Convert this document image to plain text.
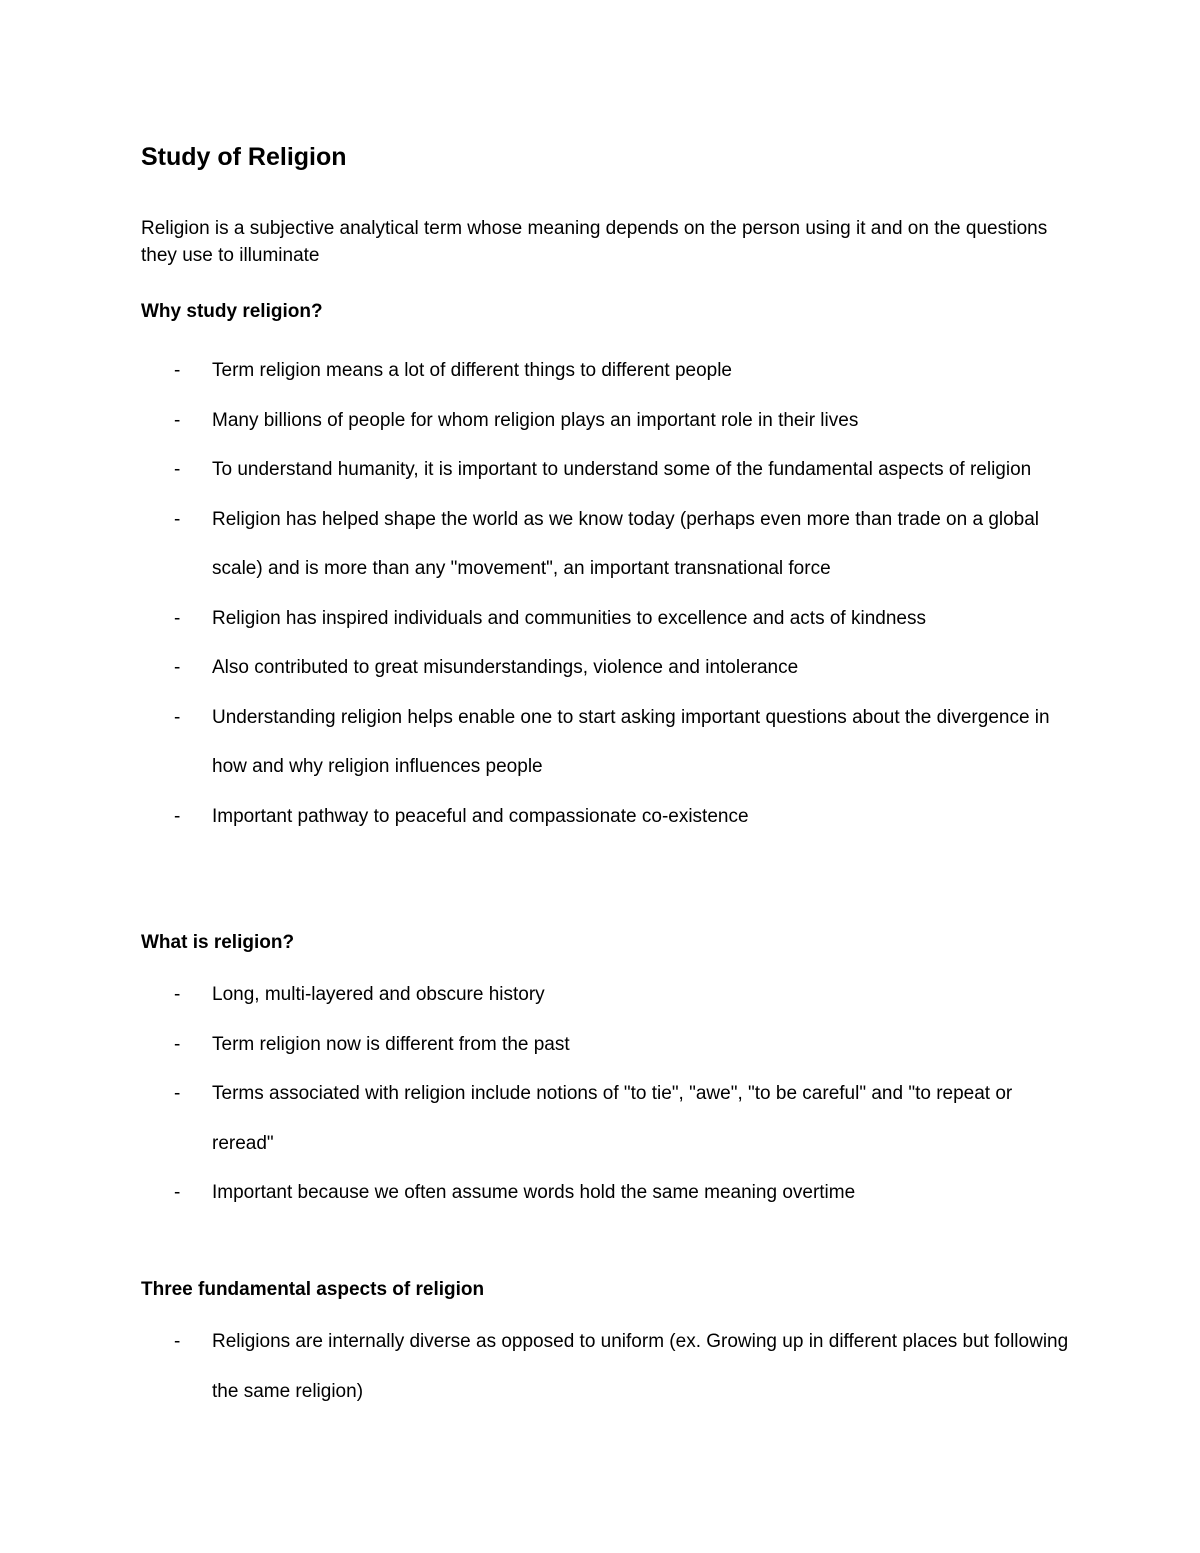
Study of Religion

Religion is a subjective analytical term whose meaning depends on the person using it and on the questions they use to illuminate

Why study religion?
- Term religion means a lot of different things to different people
- Many billions of people for whom religion plays an important role in their lives
- To understand humanity, it is important to understand some of the fundamental aspects of religion
- Religion has helped shape the world as we know today (perhaps even more than trade on a global scale) and is more than any "movement", an important transnational force
- Religion has inspired individuals and communities to excellence and acts of kindness
- Also contributed to great misunderstandings, violence and intolerance
- Understanding religion helps enable one to start asking important questions about the divergence in how and why religion influences people
- Important pathway to peaceful and compassionate co-existence
What is religion?
- Long, multi-layered and obscure history
- Term religion now is different from the past
- Terms associated with religion include notions of "to tie", "awe", "to be careful" and "to repeat or reread"
- Important because we often assume words hold the same meaning overtime
Three fundamental aspects of religion
- Religions are internally diverse as opposed to uniform (ex. Growing up in different places but following the same religion)
